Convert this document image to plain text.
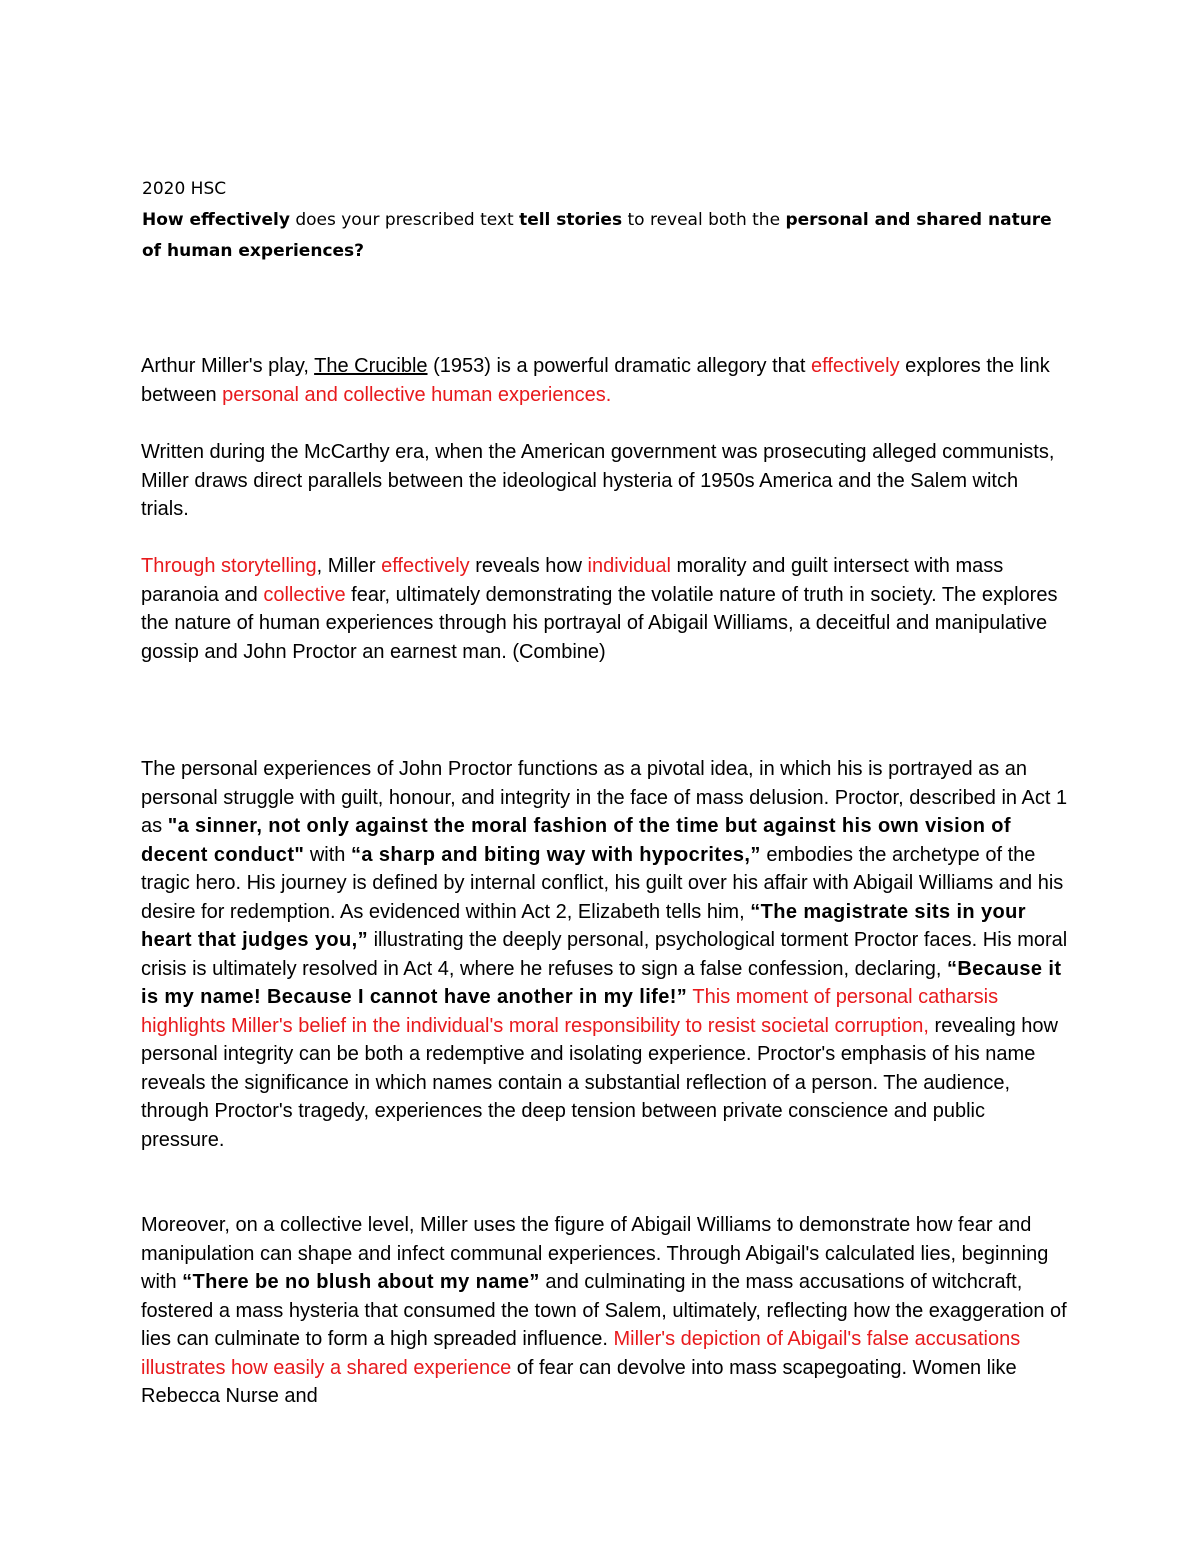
2020 HSC

How effectively does your prescribed text tell stories to reveal both the personal and shared nature of human experiences?

Arthur Miller's play, The Crucible (1953) is a powerful dramatic allegory that effectively explores the link between personal and collective human experiences.

Written during the McCarthy era, when the American government was prosecuting alleged communists, Miller draws direct parallels between the ideological hysteria of 1950s America and the Salem witch trials.

Through storytelling, Miller effectively reveals how individual morality and guilt intersect with mass paranoia and collective fear, ultimately demonstrating the volatile nature of truth in society. The explores the nature of human experiences through his portrayal of Abigail Williams, a deceitful and manipulative gossip and John Proctor an earnest man. (Combine)

The personal experiences of John Proctor functions as a pivotal idea, in which his is portrayed as an personal struggle with guilt, honour, and integrity in the face of mass delusion. Proctor, described in Act 1 as "a sinner, not only against the moral fashion of the time but against his own vision of decent conduct" with “a sharp and biting way with hypocrites,” embodies the archetype of the tragic hero. His journey is defined by internal conflict, his guilt over his affair with Abigail Williams and his desire for redemption. As evidenced within Act 2, Elizabeth tells him, “The magistrate sits in your heart that judges you,” illustrating the deeply personal, psychological torment Proctor faces. His moral crisis is ultimately resolved in Act 4, where he refuses to sign a false confession, declaring, “Because it is my name! Because I cannot have another in my life!” This moment of personal catharsis highlights Miller's belief in the individual's moral responsibility to resist societal corruption, revealing how personal integrity can be both a redemptive and isolating experience. Proctor's emphasis of his name reveals the significance in which names contain a substantial reflection of a person. The audience, through Proctor's tragedy, experiences the deep tension between private conscience and public pressure.

Moreover, on a collective level, Miller uses the figure of Abigail Williams to demonstrate how fear and manipulation can shape and infect communal experiences. Through Abigail's calculated lies, beginning with “There be no blush about my name” and culminating in the mass accusations of witchcraft, fostered a mass hysteria that consumed the town of Salem, ultimately, reflecting how the exaggeration of lies can culminate to form a high spreaded influence. Miller's depiction of Abigail's false accusations illustrates how easily a shared experience of fear can devolve into mass scapegoating. Women like Rebecca Nurse and
